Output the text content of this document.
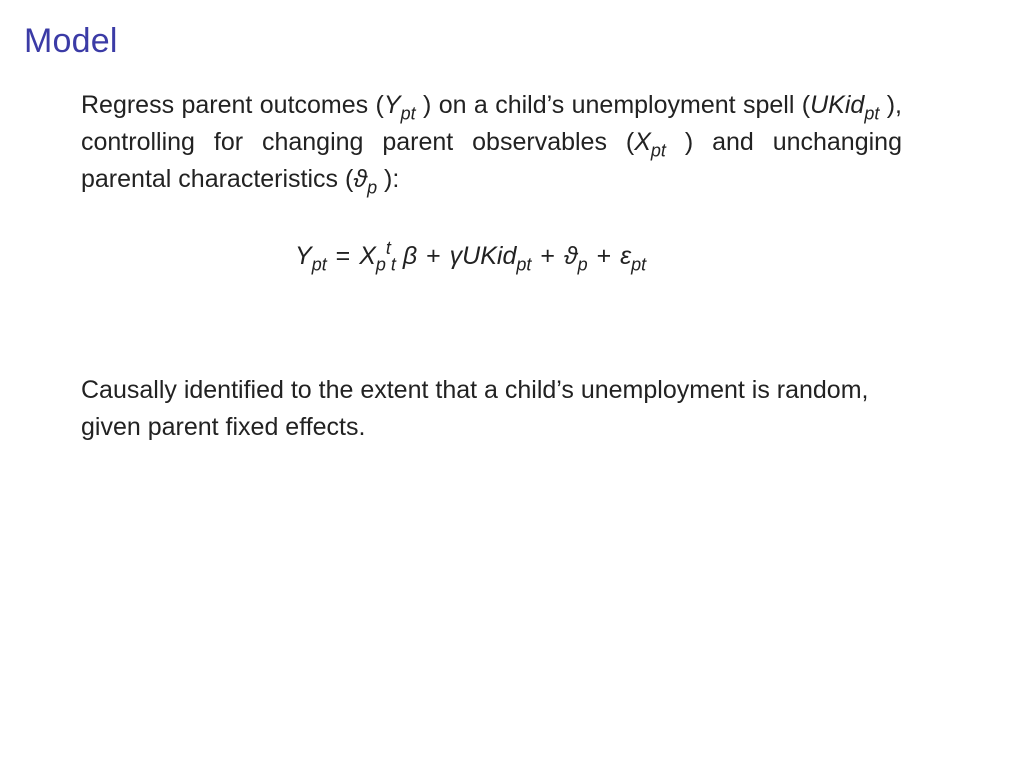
Model
Regress parent outcomes ($Y_{pt}$ ) on a child’s unemployment spell (UKid$_{pt}$ ), controlling for changing parent observables ($X_{pt}$ ) and unchanging parental characteristics ($ϑ_p$ ):
$Y_{pt} = X_p^t_t$ β + γUKid$_{pt}$ + $ϑ_p + \varepsilon_{pt}$
Causally identified to the extent that a child’s unemployment is random, given parent fixed effects.
